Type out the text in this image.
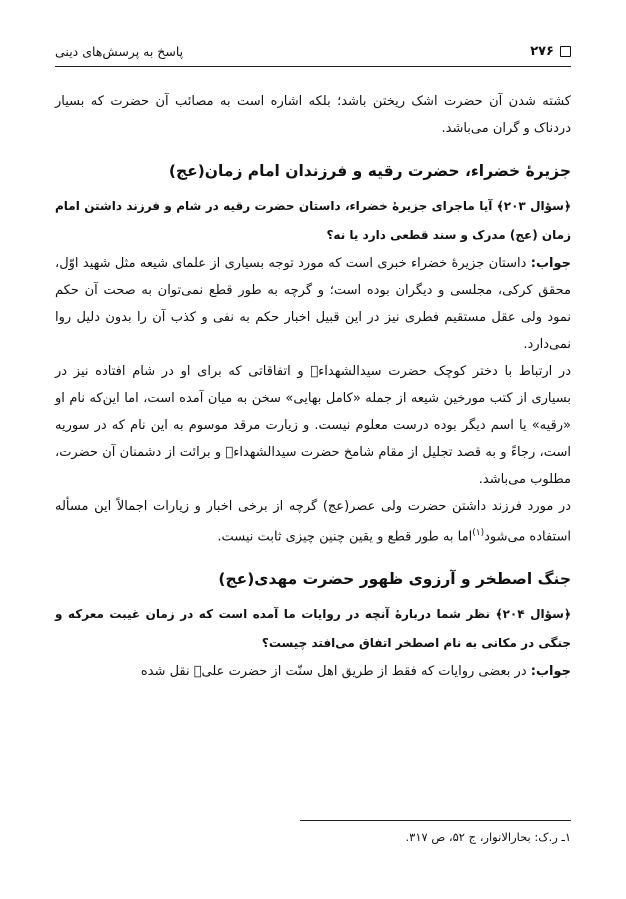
۲۷۶
پاسخ به پرسش‌های دینی

کشته شدن آن حضرت اشک ریختن باشد؛ بلکه اشاره است به مصائب آن حضرت که بسیار دردناک و گران می‌باشد.

جزیرهٔ خضراء، حضرت رقیه و فرزندان امام زمان(عج)

﴿سؤال ۲۰۳﴾ آیا ماجرای جزیرهٔ خضراء، داستان حضرت رقیه در شام و فرزند داشتن امام زمان (عج) مدرک و سند قطعی دارد یا نه؟

جواب: داستان جزیرهٔ خضراء خبری است که مورد توجه بسیاری از علمای شیعه مثل شهید اوّل، محقق کرکی، مجلسی و دیگران بوده است؛ و گرچه به طور قطع نمی‌توان به صحت آن حکم نمود ولی عقل مستقیم فطری نیز در این قبیل اخبار حکم به نفی و کذب آن را بدون دلیل روا نمی‌دارد.

در ارتباط با دختر کوچک حضرت سیدالشهداءؑ و اتفاقاتی که برای او در شام افتاده نیز در بسیاری از کتب مورخین شیعه از جمله «کامل بهایی» سخن به میان آمده است، اما این‌که نام او «رقیه» یا اسم دیگر بوده درست معلوم نیست. و زیارت مرقد موسوم به این نام که در سوریه است، رجاءً و به قصد تجلیل از مقام شامخ حضرت سیدالشهداءؑ و برائت از دشمنان آن حضرت، مطلوب می‌باشد.

در مورد فرزند داشتن حضرت ولی عصر(عج) گرچه از برخی اخبار و زیارات اجمالاً این مسأله استفاده می‌شود$^{(۱)}$اما به طور قطع و یقین چنین چیزی ثابت نیست.

جنگ اصطخر و آرزوی ظهور حضرت مهدی(عج)

﴿سؤال ۲۰۴﴾ نظر شما دربارهٔ آنچه در روایات ما آمده است که در زمان غیبت معرکه و جنگی در مکانی به نام اصطخر اتفاق می‌افتد چیست؟

جواب: در بعضی روایات که فقط از طریق اهل سنّت از حضرت علیؑ نقل شده

۱ـ ر.ک: بحارالانوار، ج ۵۲، ص ۳۱۷.
